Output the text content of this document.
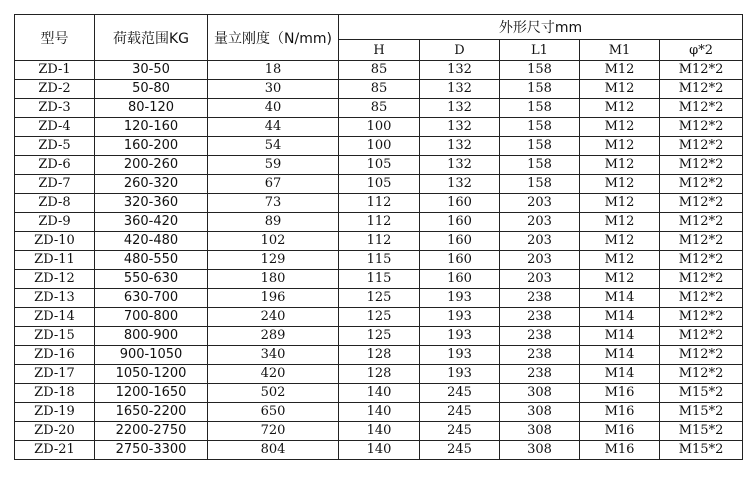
型号	荷载范围KG	量立刚度（N/mm)	外形尺寸mm				
			H	D	L1	M1	φ*2
ZD-1	30-50	18	85	132	158	M12	M12*2
ZD-2	50-80	30	85	132	158	M12	M12*2
ZD-3	80-120	40	85	132	158	M12	M12*2
ZD-4	120-160	44	100	132	158	M12	M12*2
ZD-5	160-200	54	100	132	158	M12	M12*2
ZD-6	200-260	59	105	132	158	M12	M12*2
ZD-7	260-320	67	105	132	158	M12	M12*2
ZD-8	320-360	73	112	160	203	M12	M12*2
ZD-9	360-420	89	112	160	203	M12	M12*2
ZD-10	420-480	102	112	160	203	M12	M12*2
ZD-11	480-550	129	115	160	203	M12	M12*2
ZD-12	550-630	180	115	160	203	M12	M12*2
ZD-13	630-700	196	125	193	238	M14	M12*2
ZD-14	700-800	240	125	193	238	M14	M12*2
ZD-15	800-900	289	125	193	238	M14	M12*2
ZD-16	900-1050	340	128	193	238	M14	M12*2
ZD-17	1050-1200	420	128	193	238	M14	M12*2
ZD-18	1200-1650	502	140	245	308	M16	M15*2
ZD-19	1650-2200	650	140	245	308	M16	M15*2
ZD-20	2200-2750	720	140	245	308	M16	M15*2
ZD-21	2750-3300	804	140	245	308	M16	M15*2
